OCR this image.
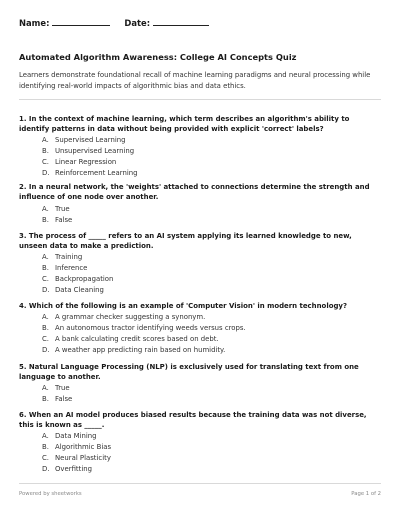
Name:	Date:
Automated Algorithm Awareness: College AI Concepts Quiz
Learners demonstrate foundational recall of machine learning paradigms and neural processing while identifying real-world impacts of algorithmic bias and data ethics.
1. In the context of machine learning, which term describes an algorithm's ability to identify patterns in data without being provided with explicit 'correct' labels?
A. Supervised Learning
B. Unsupervised Learning
C. Linear Regression
D. Reinforcement Learning
2. In a neural network, the 'weights' attached to connections determine the strength and influence of one node over another.
A. True
B. False
3. The process of _____ refers to an AI system applying its learned knowledge to new, unseen data to make a prediction.
A. Training
B. Inference
C. Backpropagation
D. Data Cleaning
4. Which of the following is an example of 'Computer Vision' in modern technology?
A. A grammar checker suggesting a synonym.
B. An autonomous tractor identifying weeds versus crops.
C. A bank calculating credit scores based on debt.
D. A weather app predicting rain based on humidity.
5. Natural Language Processing (NLP) is exclusively used for translating text from one language to another.
A. True
B. False
6. When an AI model produces biased results because the training data was not diverse, this is known as _____.
A. Data Mining
B. Algorithmic Bias
C. Neural Plasticity
D. Overfitting
Powered by sheetworks	Page 1 of 2
